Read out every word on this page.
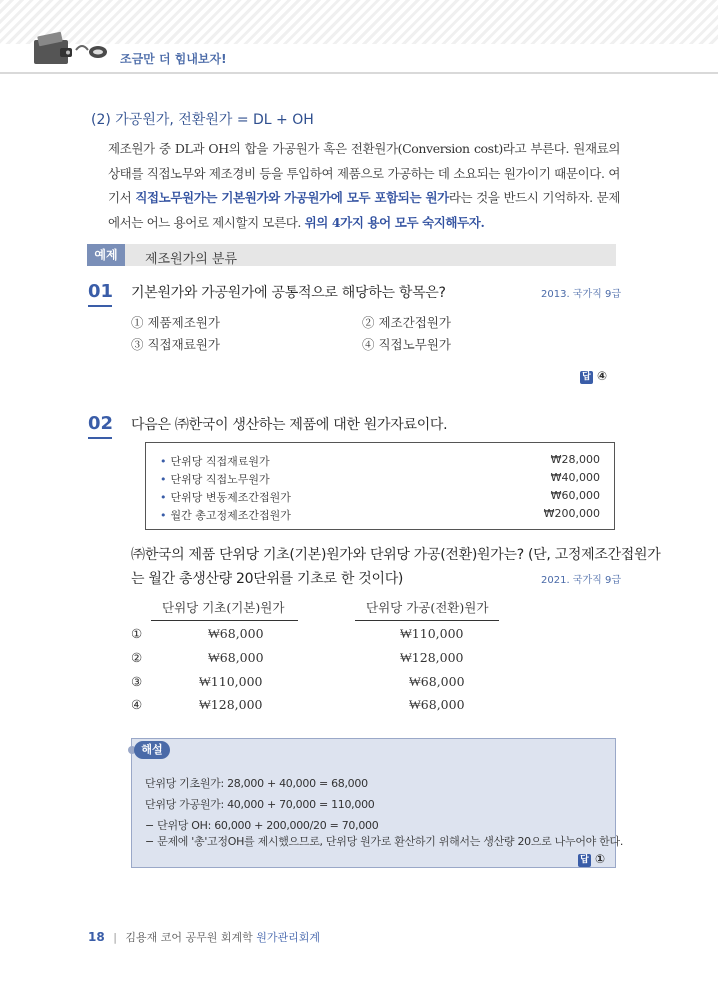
조금만 더 힘내보자!
(2) 가공원가, 전환원가 = DL + OH
제조원가 중 DL과 OH의 합을 가공원가 혹은 전환원가(Conversion cost)라고 부른다. 원재료의 상태를 직접노무와 제조경비 등을 투입하여 제품으로 가공하는 데 소요되는 원가이기 때문이다. 여기서 직접노무원가는 기본원가와 가공원가에 모두 포함되는 원가라는 것을 반드시 기억하자. 문제에서는 어느 용어로 제시할지 모른다. 위의 4가지 용어 모두 숙지해두자.
예제	제조원가의 분류
01 기본원가와 가공원가에 공통적으로 해당하는 항목은?	2013. 국가직 9급
① 제품제조원가	② 제조간접원가
③ 직접재료원가	④ 직접노무원가
답 ④
02 다음은 ㈜한국이 생산하는 제품에 대한 원가자료이다.
• 단위당 직접재료원가	₩28,000
• 단위당 직접노무원가	₩40,000
• 단위당 변동제조간접원가	₩60,000
• 월간 총고정제조간접원가	₩200,000
㈜한국의 제품 단위당 기초(기본)원가와 단위당 가공(전환)원가는? (단, 고정제조간접원가
는 월간 총생산량 20단위를 기초로 한 것이다)	2021. 국가직 9급
단위당 기초(기본)원가	단위당 가공(전환)원가
①	₩68,000	₩110,000
②	₩68,000	₩128,000
③	₩110,000	₩68,000
④	₩128,000	₩68,000
해설
단위당 기초원가: 28,000 + 40,000 = 68,000
단위당 가공원가: 40,000 + 70,000 = 110,000
− 단위당 OH: 60,000 + 200,000/20 = 70,000
− 문제에 '총'고정OH를 제시했으므로, 단위당 원가로 환산하기 위해서는 생산량 20으로 나누어야 한다.
답 ①
18 | 김용재 코어 공무원 회계학 원가관리회계
